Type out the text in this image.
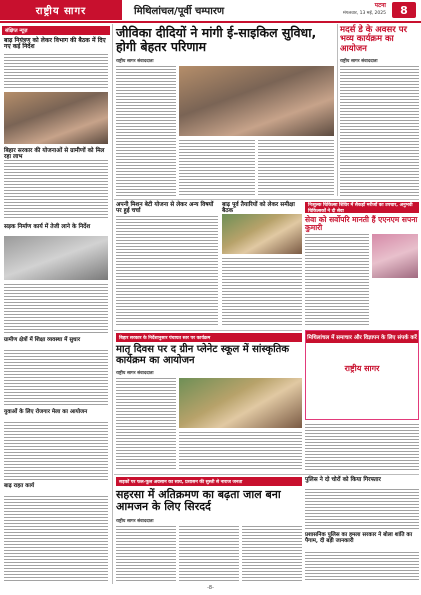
राष्ट्रीय सागर	मिथिलांचल/पूर्वी चम्पारण
पटना
मंगलवार, 13 मई, 2025	8
संक्षिप्त न्यूज़
बाढ़ नियंत्रण को लेकर विभाग की बैठक में दिए गए कई निर्देश
बिहार सरकार की योजनाओं से ग्रामीणों को मिल रहा लाभ
सड़क निर्माण कार्य में तेजी लाने के निर्देश
ग्रामीण क्षेत्रों में शिक्षा व्यवस्था में सुधार
युवाओं के लिए रोजगार मेला का आयोजन
बाढ़ राहत कार्य
जीविका दीदियों ने मांगी ई-साइकिल सुविधा, होगी बेहतर परिणाम
राष्ट्रीय सागर संवाददाता
मदर्स डे के अवसर पर भव्य कार्यक्रम का आयोजन
राष्ट्रीय सागर संवाददाता
अपनी मिशन बेटी योजना से लेकर अन्य विषयों पर हुई चर्चा
बाढ़ पूर्व तैयारियों को लेकर समीक्षा बैठक
निःशुल्क चिकित्सा शिविर में सैकड़ों मरीजों का उपचार, अनुभवी चिकित्सकों ने दी सेवा
सेवा को सर्वोपरि मानती हैं एएनएम सपना कुमारी
बिहार सरकार के निर्देशानुसार पंचायत स्तर पर कार्यक्रम
मातृ दिवस पर द ग्रीन प्लेनेट स्कूल में सांस्कृतिक कार्यक्रम का आयोजन
राष्ट्रीय सागर संवाददाता
मिथिलांचल में समाचार और विज्ञापन के लिए संपर्क करें
राष्ट्रीय सागर
सड़कों पर फल-फूल अवसान का साथ, प्रशासन की सुस्ती से नाराज जनता
सहरसा में अतिक्रमण का बढ़ता जाल बना आमजन के लिए सिरदर्द
राष्ट्रीय सागर संवाददाता
पुलिस ने दो चोरों को किया गिरफ्तार
प्रशासनिक पुलिस का हमला सरकार ने बोला शांति का पैगाम, दी बड़ी जानकारी
-8-
